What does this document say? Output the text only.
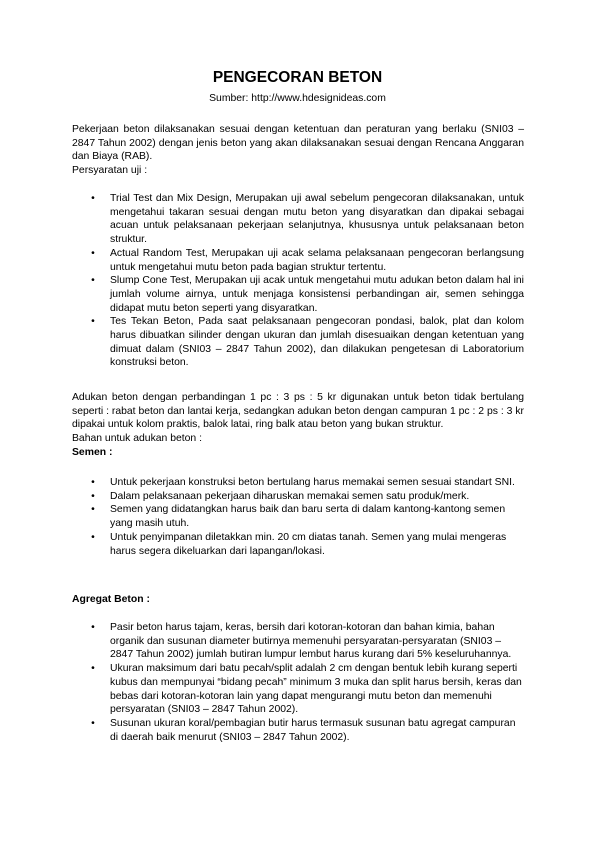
PENGECORAN BETON
Sumber: http://www.hdesignideas.com

Pekerjaan beton dilaksanakan sesuai dengan ketentuan dan peraturan yang berlaku (SNI03 – 2847 Tahun 2002) dengan jenis beton yang akan dilaksanakan sesuai dengan Rencana Anggaran dan Biaya (RAB).

Persyaratan uji :

• Trial Test dan Mix Design, Merupakan uji awal sebelum pengecoran dilaksanakan, untuk mengetahui takaran sesuai dengan mutu beton yang disyaratkan dan dipakai sebagai acuan untuk pelaksanaan pekerjaan selanjutnya, khususnya untuk pelaksanaan beton struktur.
• Actual Random Test, Merupakan uji acak selama pelaksanaan pengecoran berlangsung untuk mengetahui mutu beton pada bagian struktur tertentu.
• Slump Cone Test, Merupakan uji acak untuk mengetahui mutu adukan beton dalam hal ini jumlah volume airnya, untuk menjaga konsistensi perbandingan air, semen sehingga didapat mutu beton seperti yang disyaratkan.
• Tes Tekan Beton, Pada saat pelaksanaan pengecoran pondasi, balok, plat dan kolom harus dibuatkan silinder dengan ukuran dan jumlah disesuaikan dengan ketentuan yang dimuat dalam (SNI03 – 2847 Tahun 2002), dan dilakukan pengetesan di Laboratorium konstruksi beton.

Adukan beton dengan perbandingan 1 pc : 3 ps : 5 kr digunakan untuk beton tidak bertulang seperti : rabat beton dan lantai kerja, sedangkan adukan beton dengan campuran 1 pc : 2 ps : 3 kr dipakai untuk kolom praktis, balok latai, ring balk atau beton yang bukan struktur.

Bahan untuk adukan beton :

Semen :

• Untuk pekerjaan konstruksi beton bertulang harus memakai semen sesuai standart SNI.
• Dalam pelaksanaan pekerjaan diharuskan memakai semen satu produk/merk.
• Semen yang didatangkan harus baik dan baru serta di dalam kantong-kantong semen yang masih utuh.
• Untuk penyimpanan diletakkan min. 20 cm diatas tanah. Semen yang mulai mengeras harus segera dikeluarkan dari lapangan/lokasi.

Agregat Beton :

• Pasir beton harus tajam, keras, bersih dari kotoran-kotoran dan bahan kimia, bahan organik dan susunan diameter butirnya memenuhi persyaratan-persyaratan (SNI03 – 2847 Tahun 2002) jumlah butiran lumpur lembut harus kurang dari 5% keseluruhannya.
• Ukuran maksimum dari batu pecah/split adalah 2 cm dengan bentuk lebih kurang seperti kubus dan mempunyai “bidang pecah” minimum 3 muka dan split harus bersih, keras dan bebas dari kotoran-kotoran lain yang dapat mengurangi mutu beton dan memenuhi persyaratan (SNI03 – 2847 Tahun 2002).
• Susunan ukuran koral/pembagian butir harus termasuk susunan batu agregat campuran di daerah baik menurut (SNI03 – 2847 Tahun 2002).
